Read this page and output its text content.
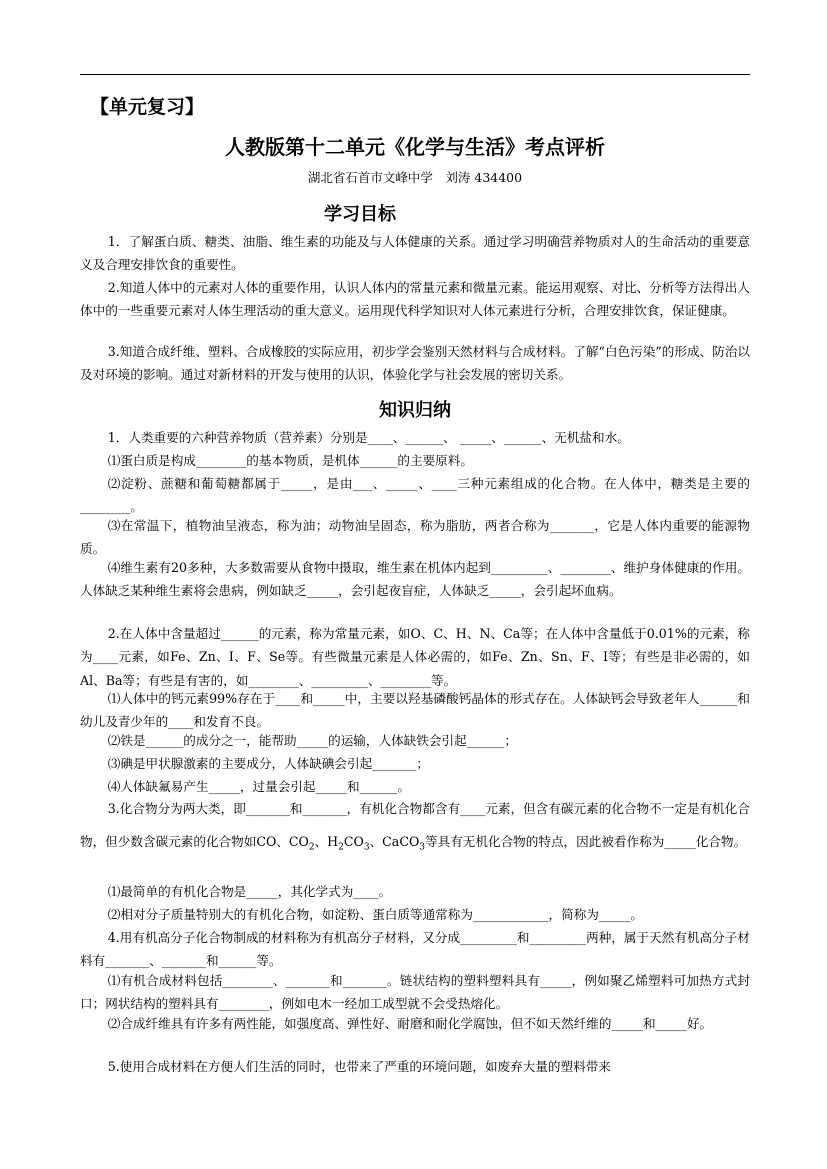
【单元复习】
人教版第十二单元《化学与生活》考点评析
湖北省石首市文峰中学　刘涛 434400
学习目标

1．了解蛋白质、糖类、油脂、维生素的功能及与人体健康的关系。通过学习明确营养物质对人的生命活动的重要意义及合理安排饮食的重要性。

2.知道人体中的元素对人体的重要作用，认识人体内的常量元素和微量元素。能运用观察、对比、分析等方法得出人体中的一些重要元素对人体生理活动的重大意义。运用现代科学知识对人体元素进行分析，合理安排饮食，保证健康。

3.知道合成纤维、塑料、合成橡胶的实际应用，初步学会鉴别天然材料与合成材料。了解“白色污染”的形成、防治以及对环境的影响。通过对新材料的开发与使用的认识，体验化学与社会发展的密切关系。

知识归纳

1．人类重要的六种营养物质（营养素）分别是____、______、 _____、______、无机盐和水。

⑴蛋白质是构成________的基本物质，是机体______的主要原料。

⑵淀粉、蔗糖和葡萄糖都属于_____，是由___、_____、____三种元素组成的化合物。在人体中，糖类是主要的________。

⑶在常温下，植物油呈液态，称为油；动物油呈固态，称为脂肪，两者合称为_______，它是人体内重要的能源物质。

⑷维生素有20多种，大多数需要从食物中摄取，维生素在机体内起到_________、________、维护身体健康的作用。人体缺乏某种维生素将会患病，例如缺乏_____，会引起夜盲症，人体缺乏_____，会引起坏血病。

2.在人体中含量超过______的元素，称为常量元素，如O、C、H、N、Ca等；在人体中含量低于0.01%的元素，称为____元素，如Fe、Zn、I、F、Se等。有些微量元素是人体必需的，如Fe、Zn、Sn、F、I等；有些是非必需的，如Al、Ba等；有些是有害的，如________、_________、________等。

⑴人体中的钙元素99%存在于____和_____中，主要以羟基磷酸钙晶体的形式存在。人体缺钙会导致老年人______和幼儿及青少年的____和发育不良。

⑵铁是______的成分之一，能帮助_____的运输，人体缺铁会引起______；

⑶碘是甲状腺激素的主要成分，人体缺碘会引起_______；

⑷人体缺氟易产生_____，过量会引起_____和______。

3.化合物分为两大类，即_______和_______，有机化合物都含有____元素，但含有碳元素的化合物不一定是有机化合物，但少数含碳元素的化合物如CO、$CO_2$、$H_2CO_3$、CaCO$_3$等具有无机化合物的特点，因此被看作称为_____化合物。

⑴最简单的有机化合物是_____，其化学式为____。

⑵相对分子质量特别大的有机化合物，如淀粉、蛋白质等通常称为____________，简称为_____。

4.用有机高分子化合物制成的材料称为有机高分子材料，又分成_________和_________两种，属于天然有机高分子材料有_______、_______和______等。

⑴有机合成材料包括________、_______和_______。链状结构的塑料塑料具有_____，例如聚乙烯塑料可加热方式封口；网状结构的塑料具有________，例如电木一经加工成型就不会受热熔化。

⑵合成纤维具有许多有两性能，如强度高、弹性好、耐磨和耐化学腐蚀，但不如天然纤维的_____和_____好。

5.使用合成材料在方便人们生活的同时，也带来了严重的环境问题，如废弃大量的塑料带来
